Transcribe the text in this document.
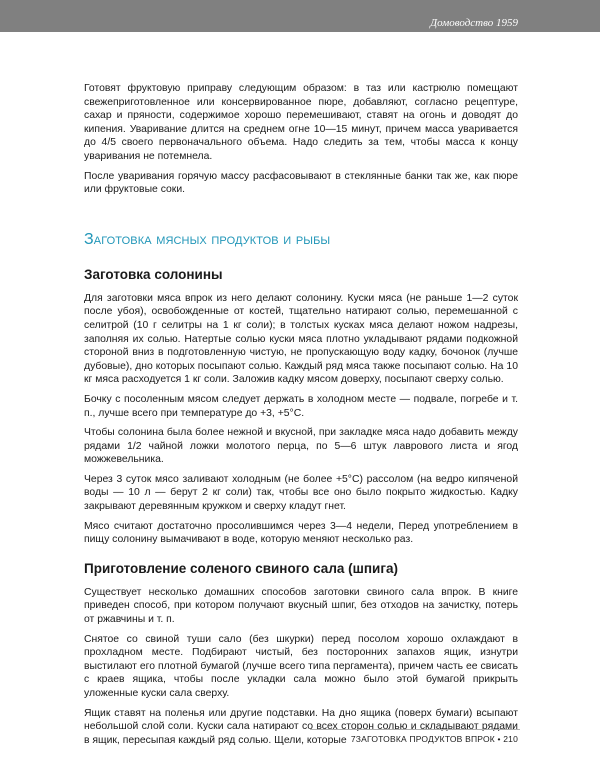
Домоводство 1959

Готовят фруктовую приправу следующим образом: в таз или кастрюлю помещают свежеприготовленное или консервированное пюре, добавляют, согласно рецептуре, сахар и пряности, содержимое хорошо перемешивают, ставят на огонь и доводят до кипения. Уваривание длится на среднем огне 10—15 минут, причем масса уваривается до 4/5 своего первоначального объема. Надо следить за тем, чтобы масса к концу уваривания не потемнела.

После уваривания горячую массу расфасовывают в стеклянные банки так же, как пюре или фруктовые соки.

Заготовка мясных продуктов и рыбы
Заготовка солонины

Для заготовки мяса впрок из него делают солонину. Куски мяса (не раньше 1—2 суток после убоя), освобожденные от костей, тщательно натирают солью, перемешанной с селитрой (10 г селитры на 1 кг соли); в толстых кусках мяса делают ножом надрезы, заполняя их солью. Натертые солью куски мяса плотно укладывают рядами подкожной стороной вниз в подготовленную чистую, не пропускающую воду кадку, бочонок (лучше дубовые), дно которых посыпают солью. Каждый ряд мяса также посыпают солью. На 10 кг мяса расходуется 1 кг соли. Заложив кадку мясом доверху, посыпают сверху солью.

Бочку с посоленным мясом следует держать в холодном месте — подвале, погребе и т. п., лучше всего при температуре до +3, +5°С.

Чтобы солонина была более нежной и вкусной, при закладке мяса надо добавить между рядами 1/2 чайной ложки молотого перца, по 5—6 штук лаврового листа и ягод можжевельника.

Через 3 суток мясо заливают холодным (не более +5°С) рассолом (на ведро кипяченой воды — 10 л — берут 2 кг соли) так, чтобы все оно было покрыто жидкостью. Кадку закрывают деревянным кружком и сверху кладут гнет.

Мясо считают достаточно просолившимся через 3—4 недели, Перед употреблением в пищу солонину вымачивают в воде, которую меняют несколько раз.

Приготовление соленого свиного сала (шпига)

Существует несколько домашних способов заготовки свиного сала впрок. В книге приведен способ, при котором получают вкусный шпиг, без отходов на зачистку, потерь от ржавчины и т. п.

Снятое со свиной туши сало (без шкурки) перед посолом хорошо охлаждают в прохладном месте. Подбирают чистый, без посторонних запахов ящик, изнутри выстилают его плотной бумагой (лучше всего типа пергамента), причем часть ее свисать с краев ящика, чтобы после укладки сала можно было этой бумагой прикрыть уложенные куски сала сверху.

Ящик ставят на поленья или другие подставки. На дно ящика (поверх бумаги) всыпают небольшой слой соли. Куски сала натирают со всех сторон солью и складывают рядами в ящик, пересыпая каждый ряд солью. Щели, которые 7ЗАГОТОВКА ПРОДУКТОВ ВПРОК • 210
